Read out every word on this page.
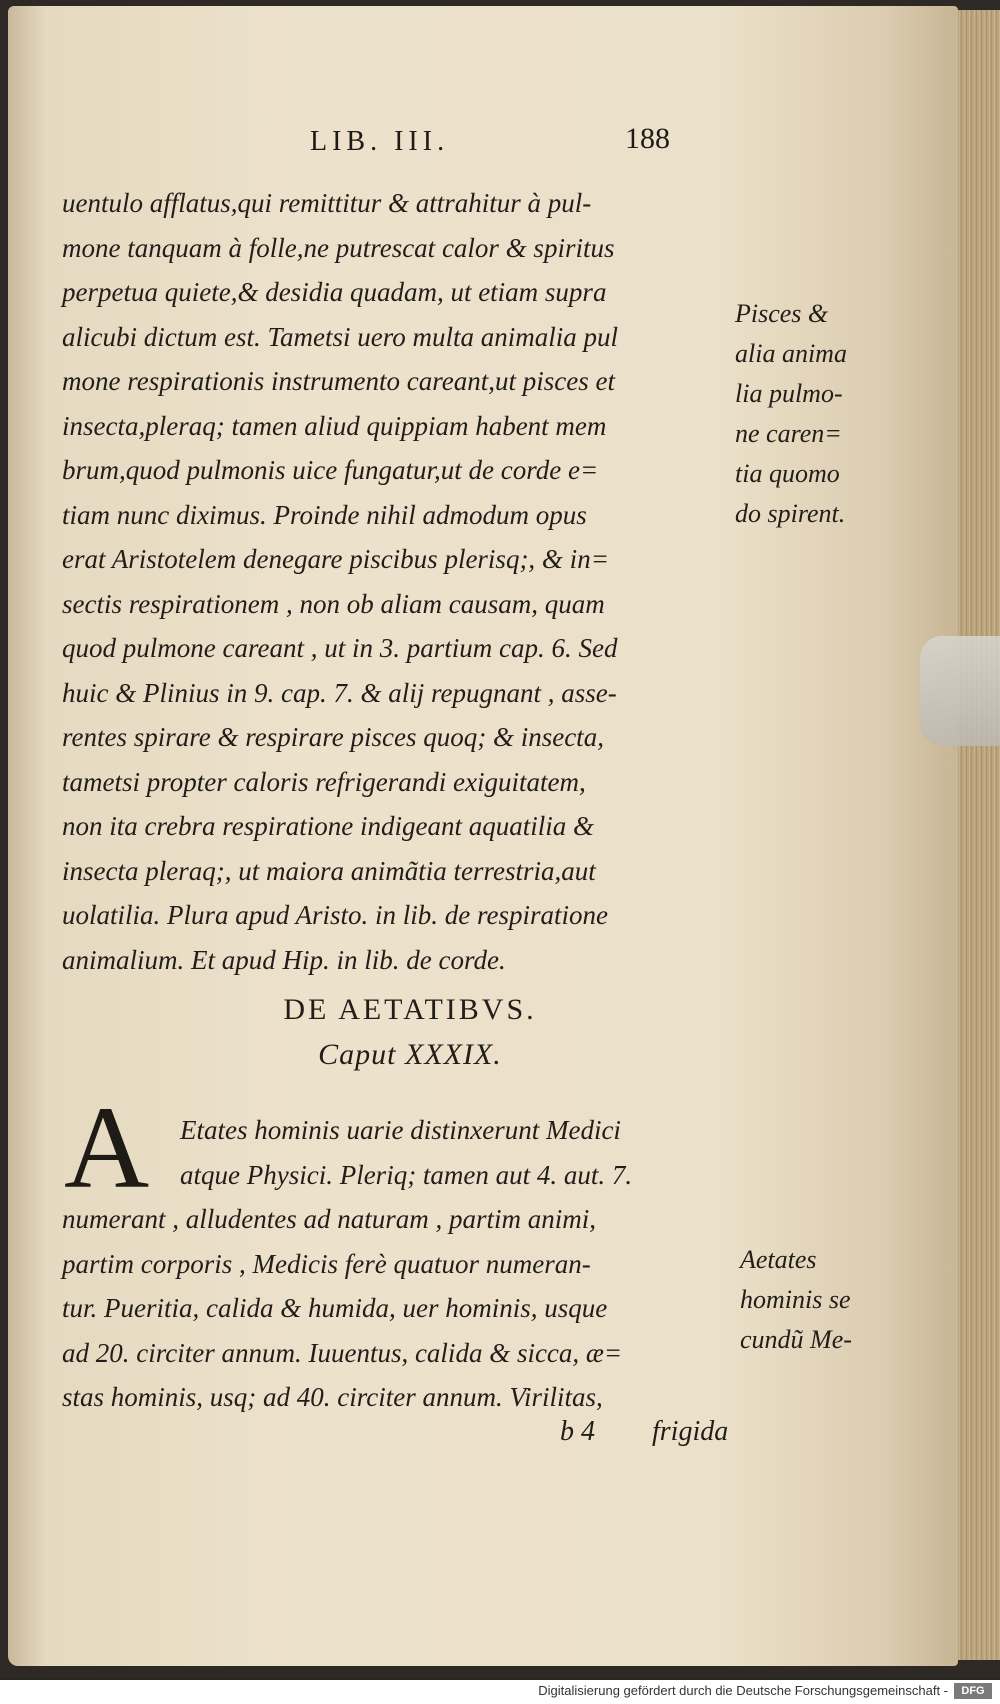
LIB. III.	188
uentulo afflatus,qui remittitur & attrahitur à pul-
mone tanquam à folle,ne putrescat calor & spiritus
perpetua quiete,& desidia quadam, ut etiam supra
alicubi dictum est. Tametsi uero multa animalia pul
mone respirationis instrumento careant,ut pisces et
insecta,pleraq; tamen aliud quippiam habent mem
brum,quod pulmonis uice fungatur,ut de corde e=
tiam nunc diximus. Proinde nihil admodum opus
erat Aristotelem denegare piscibus plerisq;, & in=
sectis respirationem , non ob aliam causam, quam
quod pulmone careant , ut in 3. partium cap. 6. Sed
huic & Plinius in 9. cap. 7. & alij repugnant , asse-
rentes spirare & respirare pisces quoq; & insecta,
tametsi propter caloris refrigerandi exiguitatem,
non ita crebra respiratione indigeant aquatilia &
insecta pleraq;, ut maiora animãtia terrestria,aut
uolatilia. Plura apud Aristo. in lib. de respiratione
animalium. Et apud Hip. in lib. de corde.
Pisces &
alia anima
lia pulmo-
ne caren=
tia quomo
do spirent.
DE AETATIBVS.
Caput XXXIX.
A	Etates hominis uarie distinxerunt Medici
atque Physici. Pleriq; tamen aut 4. aut. 7.
numerant , alludentes ad naturam , partim animi,
partim corporis , Medicis ferè quatuor numeran-
tur. Pueritia, calida & humida, uer hominis, usque
ad 20. circiter annum. Iuuentus, calida & sicca, æ=
stas hominis, usq; ad 40. circiter annum. Virilitas,
Aetates
hominis se
cundũ Me-
b 4 frigida
Digitalisierung gefördert durch die Deutsche Forschungsgemeinschaft -	DFG
